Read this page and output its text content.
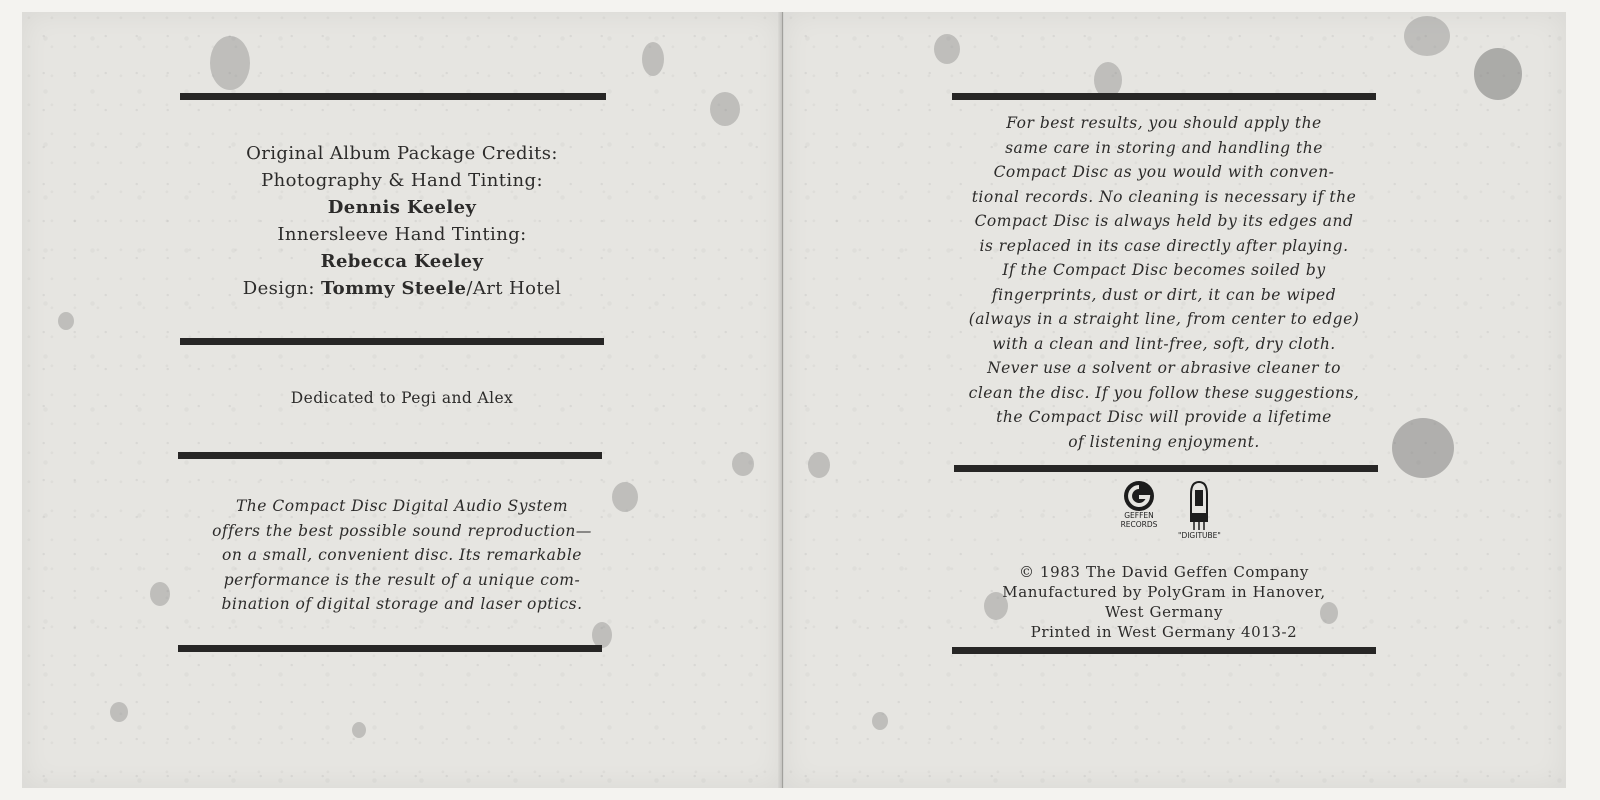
Original Album Package Credits:
Photography & Hand Tinting:
Dennis Keeley
Innersleeve Hand Tinting:
Rebecca Keeley
Design: Tommy Steele/Art Hotel
Dedicated to Pegi and Alex
The Compact Disc Digital Audio System
offers the best possible sound reproduction—
on a small, convenient disc. Its remarkable
performance is the result of a unique com-
bination of digital storage and laser optics.
For best results, you should apply the
same care in storing and handling the
Compact Disc as you would with conven-
tional records. No cleaning is necessary if the
Compact Disc is always held by its edges and
is replaced in its case directly after playing.
If the Compact Disc becomes soiled by
fingerprints, dust or dirt, it can be wiped
(always in a straight line, from center to edge)
with a clean and lint-free, soft, dry cloth.
Never use a solvent or abrasive cleaner to
clean the disc. If you follow these suggestions,
the Compact Disc will provide a lifetime
of listening enjoyment.
GEFFEN
RECORDS
"DIGITUBE"
© 1983 The David Geffen Company
Manufactured by PolyGram in Hanover,
West Germany
Printed in West Germany 4013-2
